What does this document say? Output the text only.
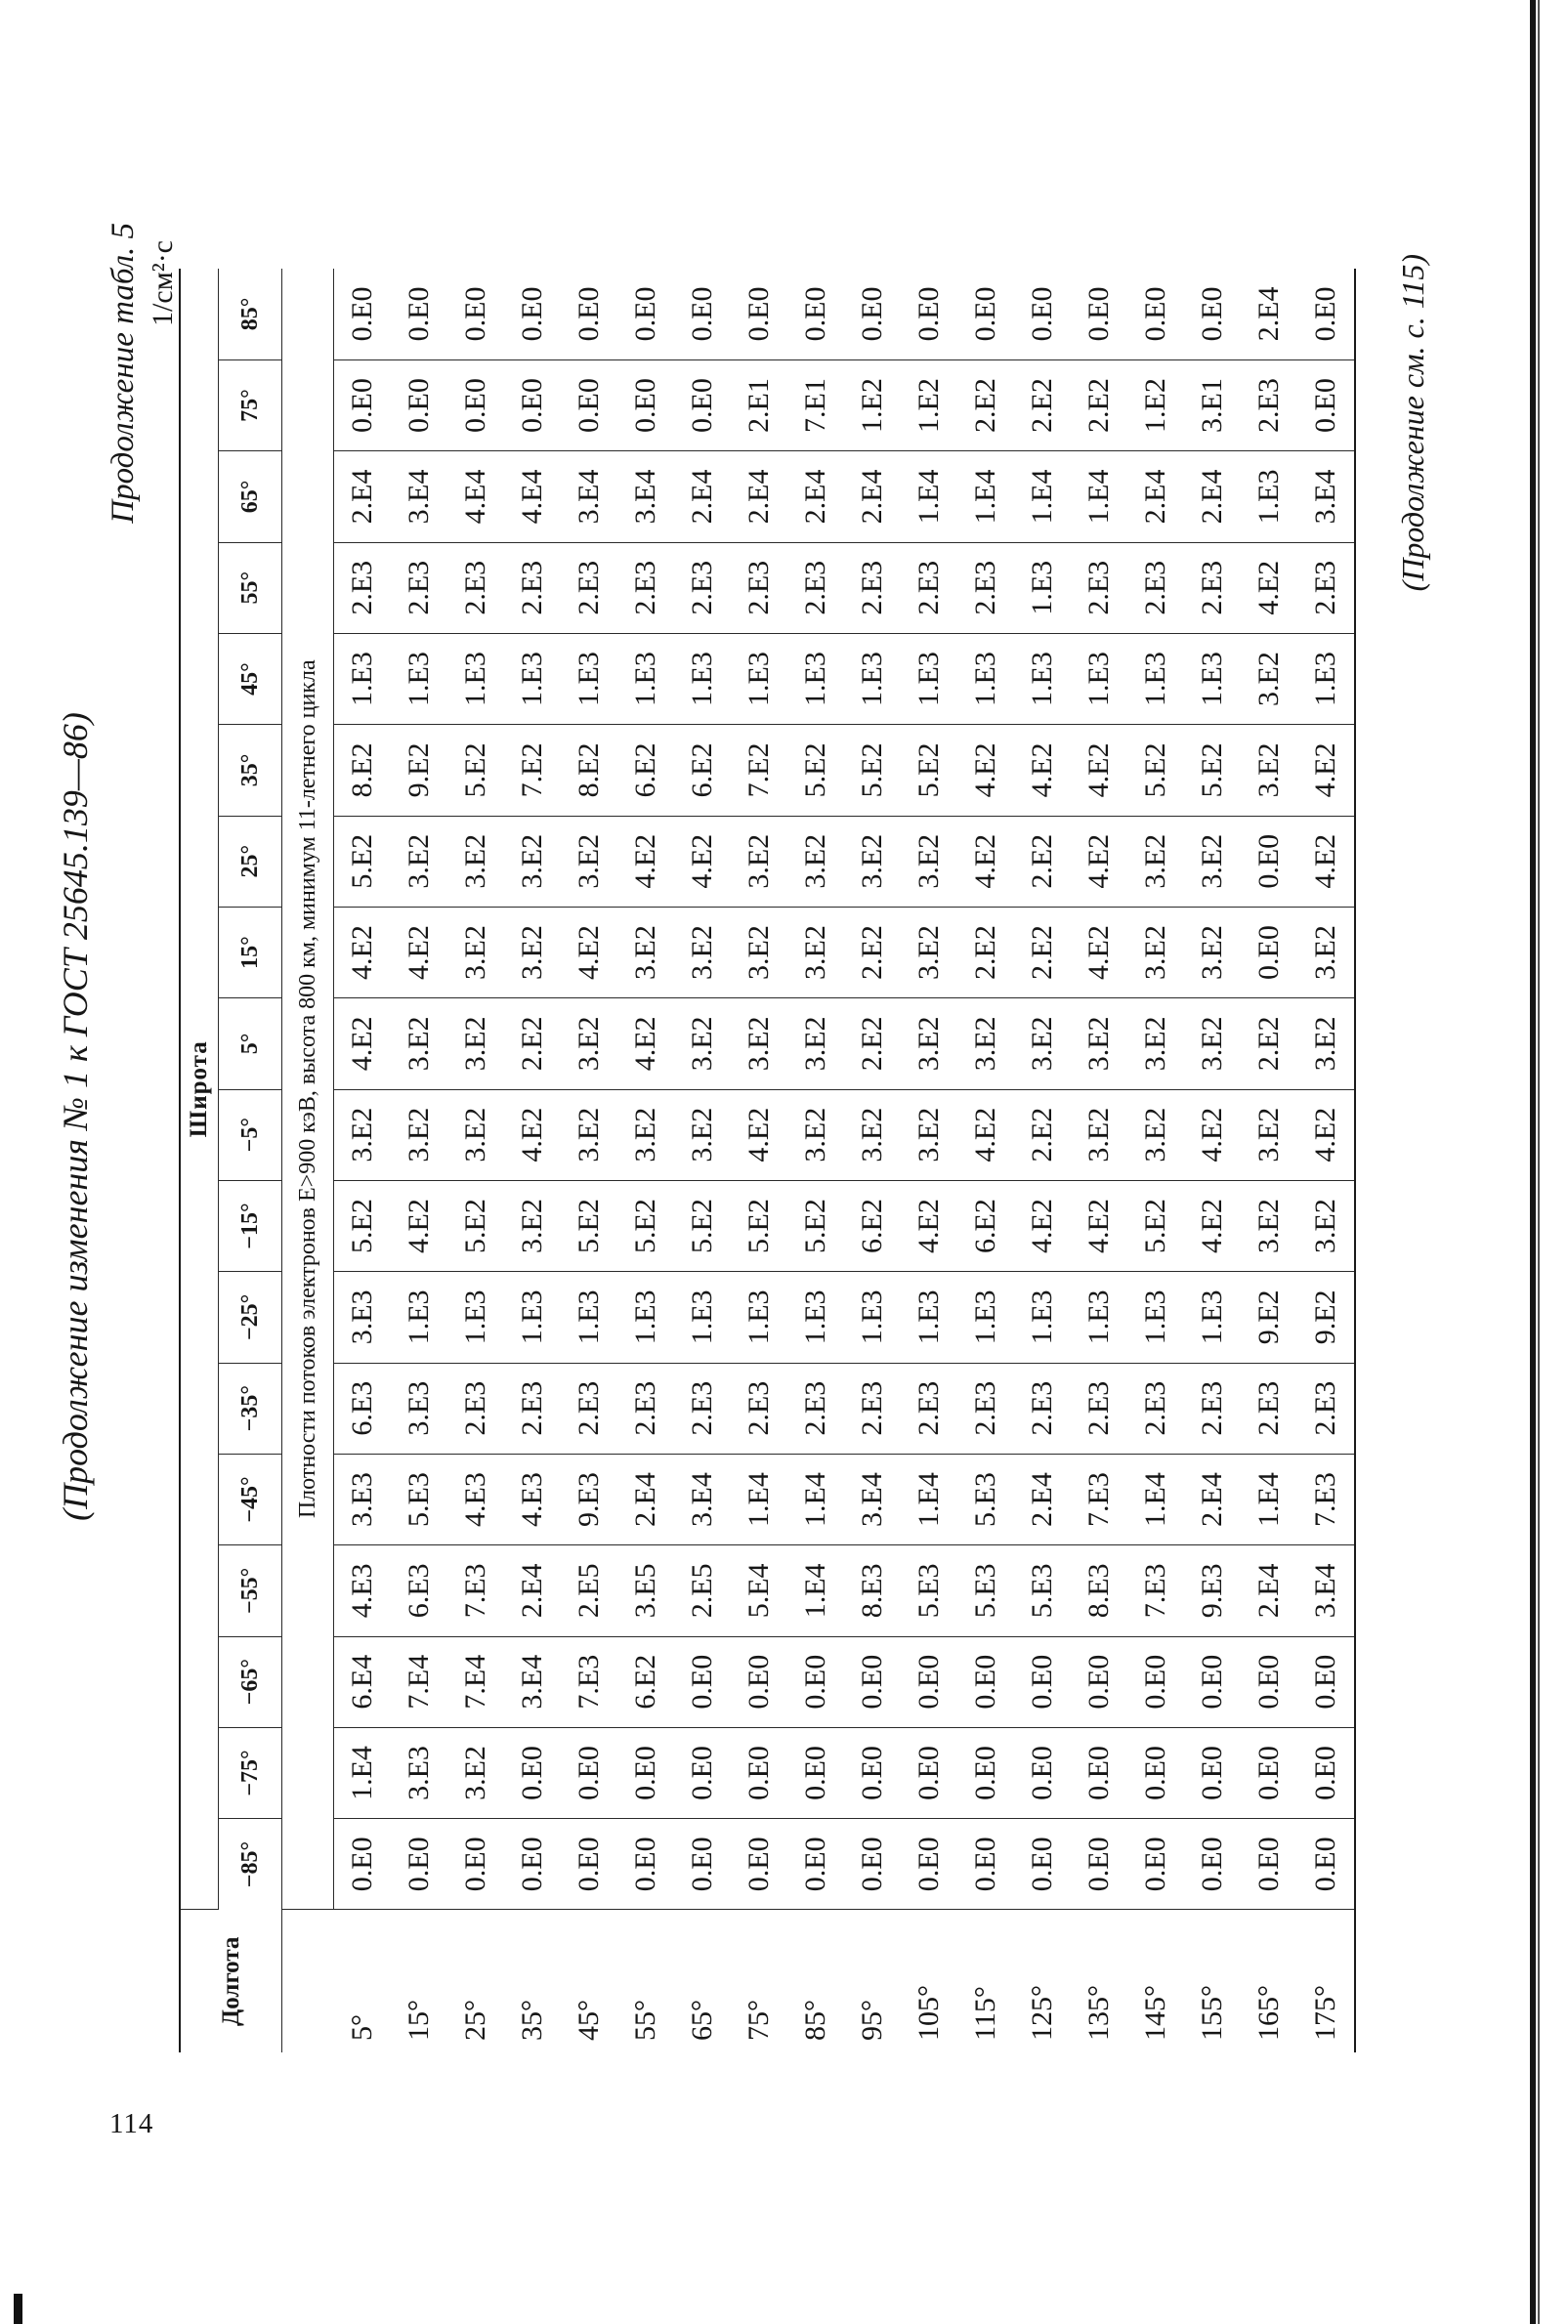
114
(Продолжение изменения № 1 к ГОСТ 25645.139—86)
Продолжение табл. 5 1/см²·с
Долгота	Широта																	
	−85°	−75°	−65°	−55°	−45°	−35°	−25°	−15°	−5°	5°	15°	25°	35°	45°	55°	65°	75°	85°
	Плотности потоков электронов E>900 кэВ, высота 800 км, минимум 11-летнего цикла																	
5°	0.E0	1.E4	6.E4	4.E3	3.E3	6.E3	3.E3	5.E2	3.E2	4.E2	4.E2	5.E2	8.E2	1.E3	2.E3	2.E4	0.E0	0.E0
15°	0.E0	3.E3	7.E4	6.E3	5.E3	3.E3	1.E3	4.E2	3.E2	3.E2	4.E2	3.E2	9.E2	1.E3	2.E3	3.E4	0.E0	0.E0
25°	0.E0	3.E2	7.E4	7.E3	4.E3	2.E3	1.E3	5.E2	3.E2	3.E2	3.E2	3.E2	5.E2	1.E3	2.E3	4.E4	0.E0	0.E0
35°	0.E0	0.E0	3.E4	2.E4	4.E3	2.E3	1.E3	3.E2	4.E2	2.E2	3.E2	3.E2	7.E2	1.E3	2.E3	4.E4	0.E0	0.E0
45°	0.E0	0.E0	7.E3	2.E5	9.E3	2.E3	1.E3	5.E2	3.E2	3.E2	4.E2	3.E2	8.E2	1.E3	2.E3	3.E4	0.E0	0.E0
55°	0.E0	0.E0	6.E2	3.E5	2.E4	2.E3	1.E3	5.E2	3.E2	4.E2	3.E2	4.E2	6.E2	1.E3	2.E3	3.E4	0.E0	0.E0
65°	0.E0	0.E0	0.E0	2.E5	3.E4	2.E3	1.E3	5.E2	3.E2	3.E2	3.E2	4.E2	6.E2	1.E3	2.E3	2.E4	0.E0	0.E0
75°	0.E0	0.E0	0.E0	5.E4	1.E4	2.E3	1.E3	5.E2	4.E2	3.E2	3.E2	3.E2	7.E2	1.E3	2.E3	2.E4	2.E1	0.E0
85°	0.E0	0.E0	0.E0	1.E4	1.E4	2.E3	1.E3	5.E2	3.E2	3.E2	3.E2	3.E2	5.E2	1.E3	2.E3	2.E4	7.E1	0.E0
95°	0.E0	0.E0	0.E0	8.E3	3.E4	2.E3	1.E3	6.E2	3.E2	2.E2	2.E2	3.E2	5.E2	1.E3	2.E3	2.E4	1.E2	0.E0
105°	0.E0	0.E0	0.E0	5.E3	1.E4	2.E3	1.E3	4.E2	3.E2	3.E2	3.E2	3.E2	5.E2	1.E3	2.E3	1.E4	1.E2	0.E0
115°	0.E0	0.E0	0.E0	5.E3	5.E3	2.E3	1.E3	6.E2	4.E2	3.E2	2.E2	4.E2	4.E2	1.E3	2.E3	1.E4	2.E2	0.E0
125°	0.E0	0.E0	0.E0	5.E3	2.E4	2.E3	1.E3	4.E2	2.E2	3.E2	2.E2	2.E2	4.E2	1.E3	1.E3	1.E4	2.E2	0.E0
135°	0.E0	0.E0	0.E0	8.E3	7.E3	2.E3	1.E3	4.E2	3.E2	3.E2	4.E2	4.E2	4.E2	1.E3	2.E3	1.E4	2.E2	0.E0
145°	0.E0	0.E0	0.E0	7.E3	1.E4	2.E3	1.E3	5.E2	3.E2	3.E2	3.E2	3.E2	5.E2	1.E3	2.E3	2.E4	1.E2	0.E0
155°	0.E0	0.E0	0.E0	9.E3	2.E4	2.E3	1.E3	4.E2	4.E2	3.E2	3.E2	3.E2	5.E2	1.E3	2.E3	2.E4	3.E1	0.E0
165°	0.E0	0.E0	0.E0	2.E4	1.E4	2.E3	9.E2	3.E2	3.E2	2.E2	0.E0	0.E0	3.E2	3.E2	4.E2	1.E3	2.E3	2.E4
175°	0.E0	0.E0	0.E0	3.E4	7.E3	2.E3	9.E2	3.E2	4.E2	3.E2	3.E2	4.E2	4.E2	1.E3	2.E3	3.E4	0.E0	0.E0 (Продолжение см. с. 115)
